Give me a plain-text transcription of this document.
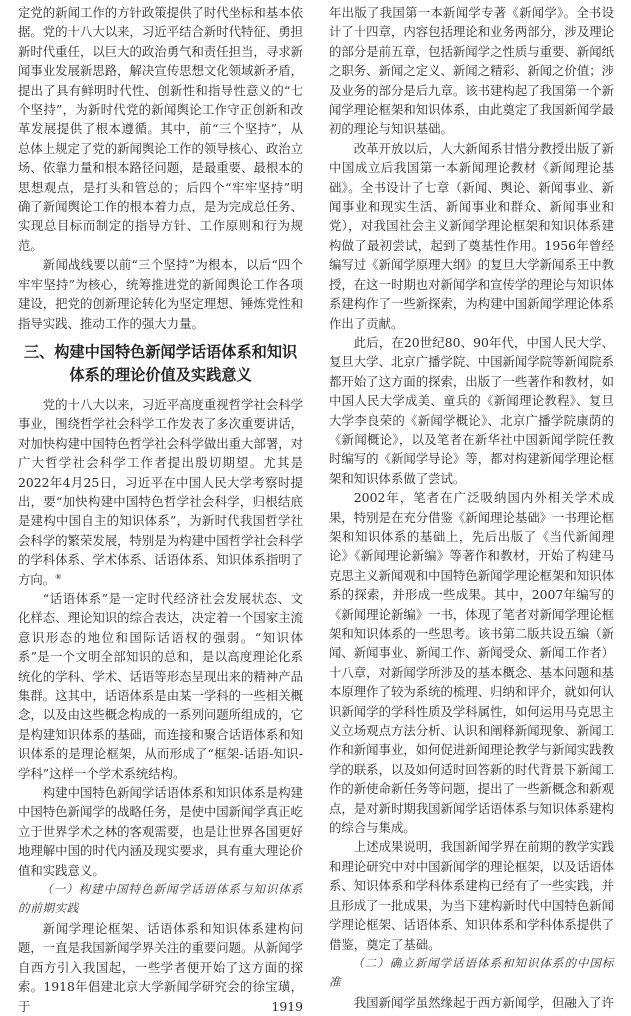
定党的新闻工作的方针政策提供了时代坐标和基本依据。党的十八大以来，习近平结合新时代特征、勇担新时代重任，以巨大的政治勇气和责任担当，寻求新闻事业发展新思路，解决宣传思想文化领域新矛盾，提出了具有鲜明时代性、创新性和指导性意义的“七个坚持”，为新时代党的新闻舆论工作守正创新和改革发展提供了根本遵循。其中，前“三个坚持”，从总体上规定了党的新闻舆论工作的领导核心、政治立场、依靠力量和根本路径问题，是最重要、最根本的思想观点，是打头和管总的；后四个“牢牢坚持”明确了新闻舆论工作的根本着力点，是为完成总任务、实现总目标而制定的指导方针、工作原则和行为规范。

新闻战线要以前“三个坚持”为根本，以后“四个牢牢坚持”为核心，统筹推进党的新闻舆论工作各项建设，把党的创新理论转化为坚定理想、锤炼党性和指导实践、推动工作的强大力量。

三、构建中国特色新闻学话语体系和知识
体系的理论价值及实践意义

党的十八大以来，习近平高度重视哲学社会科学事业，围绕哲学社会科学工作发表了多次重要讲话，对加快构建中国特色哲学社会科学做出重大部署，对广大哲学社会科学工作者提出殷切期望。尤其是2022年4月25日，习近平在中国人民大学考察时提出，要“加快构建中国特色哲学社会科学，归根结底是建构中国自主的知识体系”，为新时代我国哲学社会科学的繁荣发展，特别是为构建中国哲学社会科学的学科体系、学术体系、话语体系、知识体系指明了方向。⑧

“话语体系”是一定时代经济社会发展状态、文化样态、理论知识的综合表达，决定着一个国家主流意识形态的地位和国际话语权的强弱。“知识体系”是一个文明全部知识的总和，是以高度理论化系统化的学科、学术、话语等形态呈现出来的精神产品集群。这其中，话语体系是由某一学科的一些相关概念，以及由这些概念构成的一系列问题所组成的，它是构建知识体系的基础，而连接和聚合话语体系和知识体系的是理论框架，从而形成了“框架-话语-知识-学科”这样一个学术系统结构。

构建中国特色新闻学话语体系和知识体系是构建中国特色新闻学的战略任务，是使中国新闻学真正屹立于世界学术之林的客观需要，也是让世界各国更好地理解中国的时代内涵及现实要求，具有重大理论价值和实践意义。

（一）构建中国特色新闻学话语体系与知识体系的前期实践

新闻学理论框架、话语体系和知识体系建构问题，一直是我国新闻学界关注的重要问题。从新闻学自西方引入我国起，一些学者便开始了这方面的探索。1918年倡建北京大学新闻学研究会的徐宝璜，于1919

年出版了我国第一本新闻学专著《新闻学》。全书设计了十四章，内容包括理论和业务两部分，涉及理论的部分是前五章，包括新闻学之性质与重要、新闻纸之职务、新闻之定义、新闻之精彩、新闻之价值；涉及业务的部分是后九章。该书建构起了我国第一个新闻学理论框架和知识体系，由此奠定了我国新闻学最初的理论与知识基础。

改革开放以后，人大新闻系甘惜分教授出版了新中国成立后我国第一本新闻理论教材《新闻理论基础》。全书设计了七章（新闻、舆论、新闻事业、新闻事业和现实生活、新闻事业和群众、新闻事业和党），对我国社会主义新闻学理论框架和知识体系建构做了最初尝试，起到了奠基性作用。1956年曾经编写过《新闻学原理大纲》的复旦大学新闻系王中教授，在这一时期也对新闻学和宣传学的理论与知识体系建构作了一些新探索，为构建中国新闻学理论体系作出了贡献。

此后，在20世纪80、90年代，中国人民大学、复旦大学、北京广播学院、中国新闻学院等新闻院系都开始了这方面的探索，出版了一些著作和教材，如中国人民大学成美、童兵的《新闻理论教程》、复旦大学李良荣的《新闻学概论》、北京广播学院康荫的《新闻概论》，以及笔者在新华社中国新闻学院任教时编写的《新闻学导论》等，都对构建新闻学理论框架和知识体系做了尝试。

2002年，笔者在广泛吸纳国内外相关学术成果，特别是在充分借鉴《新闻理论基础》一书理论框架和知识体系的基础上，先后出版了《当代新闻理论》《新闻理论新编》等著作和教材，开始了构建马克思主义新闻观和中国特色新闻学理论框架和知识体系的探索，并形成一些成果。其中，2007年编写的《新闻理论新编》一书，体现了笔者对新闻学理论框架和知识体系的一些思考。该书第二版共设五编（新闻、新闻事业、新闻工作、新闻受众、新闻工作者）十八章，对新闻学所涉及的基本概念、基本问题和基本原理作了较为系统的梳理、归纳和评介，就如何认识新闻学的学科性质及学科属性，如何运用马克思主义立场观点方法分析、认识和阐释新闻现象、新闻工作和新闻事业，如何促进新闻理论教学与新闻实践教学的联系，以及如何适时回答新的时代背景下新闻工作的新使命新任务等问题，提出了一些新概念和新观点，是对新时期我国新闻学话语体系与知识体系建构的综合与集成。

上述成果说明，我国新闻学界在前期的教学实践和理论研究中对中国新闻学的理论框架，以及话语体系、知识体系和学科体系建构已经有了一些实践，并且形成了一批成果，为当下建构新时代中国特色新闻学理论框架、话语体系、知识体系和学科体系提供了借鉴，奠定了基础。

（二）确立新闻学话语体系和知识体系的中国标准

我国新闻学虽然缘起于西方新闻学，但融入了许
